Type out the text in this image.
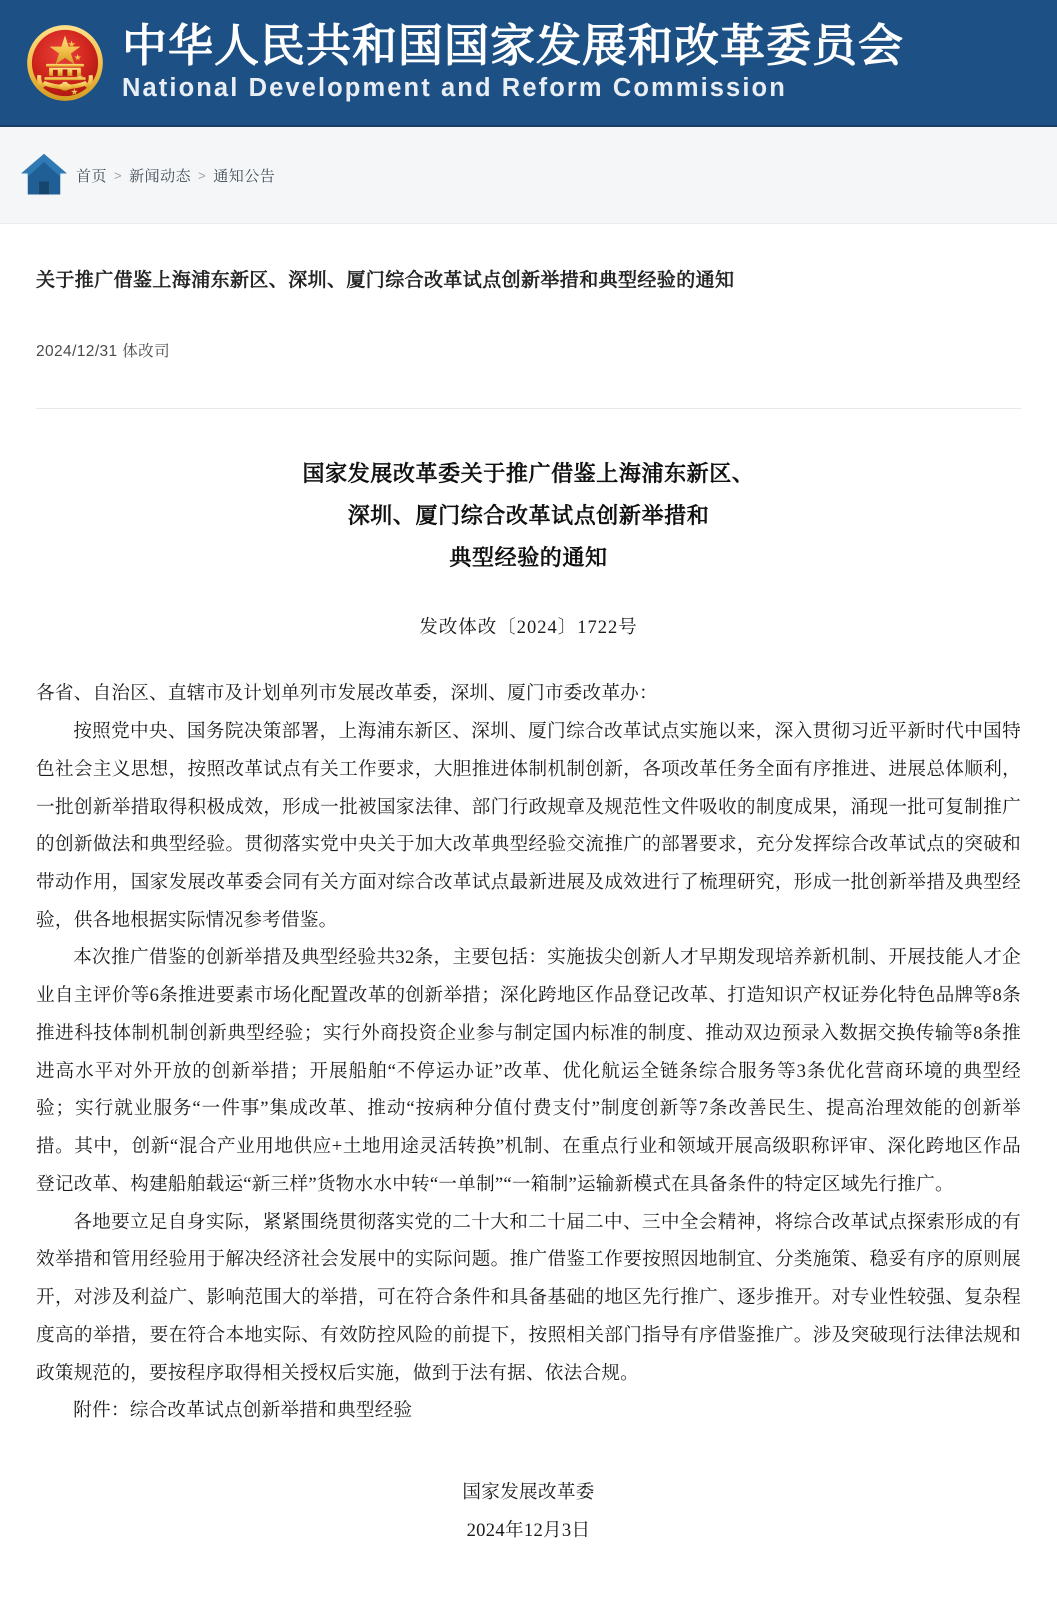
中华人民共和国国家发展和改革委员会
National Development and Reform Commission
首页 > 新闻动态 > 通知公告
关于推广借鉴上海浦东新区、深圳、厦门综合改革试点创新举措和典型经验的通知
2024/12/31 体改司
国家发展改革委关于推广借鉴上海浦东新区、
深圳、厦门综合改革试点创新举措和
典型经验的通知
发改体改〔2024〕1722号

各省、自治区、直辖市及计划单列市发展改革委，深圳、厦门市委改革办：

按照党中央、国务院决策部署，上海浦东新区、深圳、厦门综合改革试点实施以来，深入贯彻习近平新时代中国特色社会主义思想，按照改革试点有关工作要求，大胆推进体制机制创新，各项改革任务全面有序推进、进展总体顺利，一批创新举措取得积极成效，形成一批被国家法律、部门行政规章及规范性文件吸收的制度成果，涌现一批可复制推广的创新做法和典型经验。贯彻落实党中央关于加大改革典型经验交流推广的部署要求，充分发挥综合改革试点的突破和带动作用，国家发展改革委会同有关方面对综合改革试点最新进展及成效进行了梳理研究，形成一批创新举措及典型经验，供各地根据实际情况参考借鉴。

本次推广借鉴的创新举措及典型经验共32条，主要包括：实施拔尖创新人才早期发现培养新机制、开展技能人才企业自主评价等6条推进要素市场化配置改革的创新举措；深化跨地区作品登记改革、打造知识产权证券化特色品牌等8条推进科技体制机制创新典型经验；实行外商投资企业参与制定国内标准的制度、推动双边预录入数据交换传输等8条推进高水平对外开放的创新举措；开展船舶“不停运办证”改革、优化航运全链条综合服务等3条优化营商环境的典型经验；实行就业服务“一件事”集成改革、推动“按病种分值付费支付”制度创新等7条改善民生、提高治理效能的创新举措。其中，创新“混合产业用地供应+土地用途灵活转换”机制、在重点行业和领域开展高级职称评审、深化跨地区作品登记改革、构建船舶载运“新三样”货物水水中转“一单制”“一箱制”运输新模式在具备条件的特定区域先行推广。

各地要立足自身实际，紧紧围绕贯彻落实党的二十大和二十届二中、三中全会精神，将综合改革试点探索形成的有效举措和管用经验用于解决经济社会发展中的实际问题。推广借鉴工作要按照因地制宜、分类施策、稳妥有序的原则展开，对涉及利益广、影响范围大的举措，可在符合条件和具备基础的地区先行推广、逐步推开。对专业性较强、复杂程度高的举措，要在符合本地实际、有效防控风险的前提下，按照相关部门指导有序借鉴推广。涉及突破现行法律法规和政策规范的，要按程序取得相关授权后实施，做到于法有据、依法合规。

附件：综合改革试点创新举措和典型经验

国家发展改革委
2024年12月3日
